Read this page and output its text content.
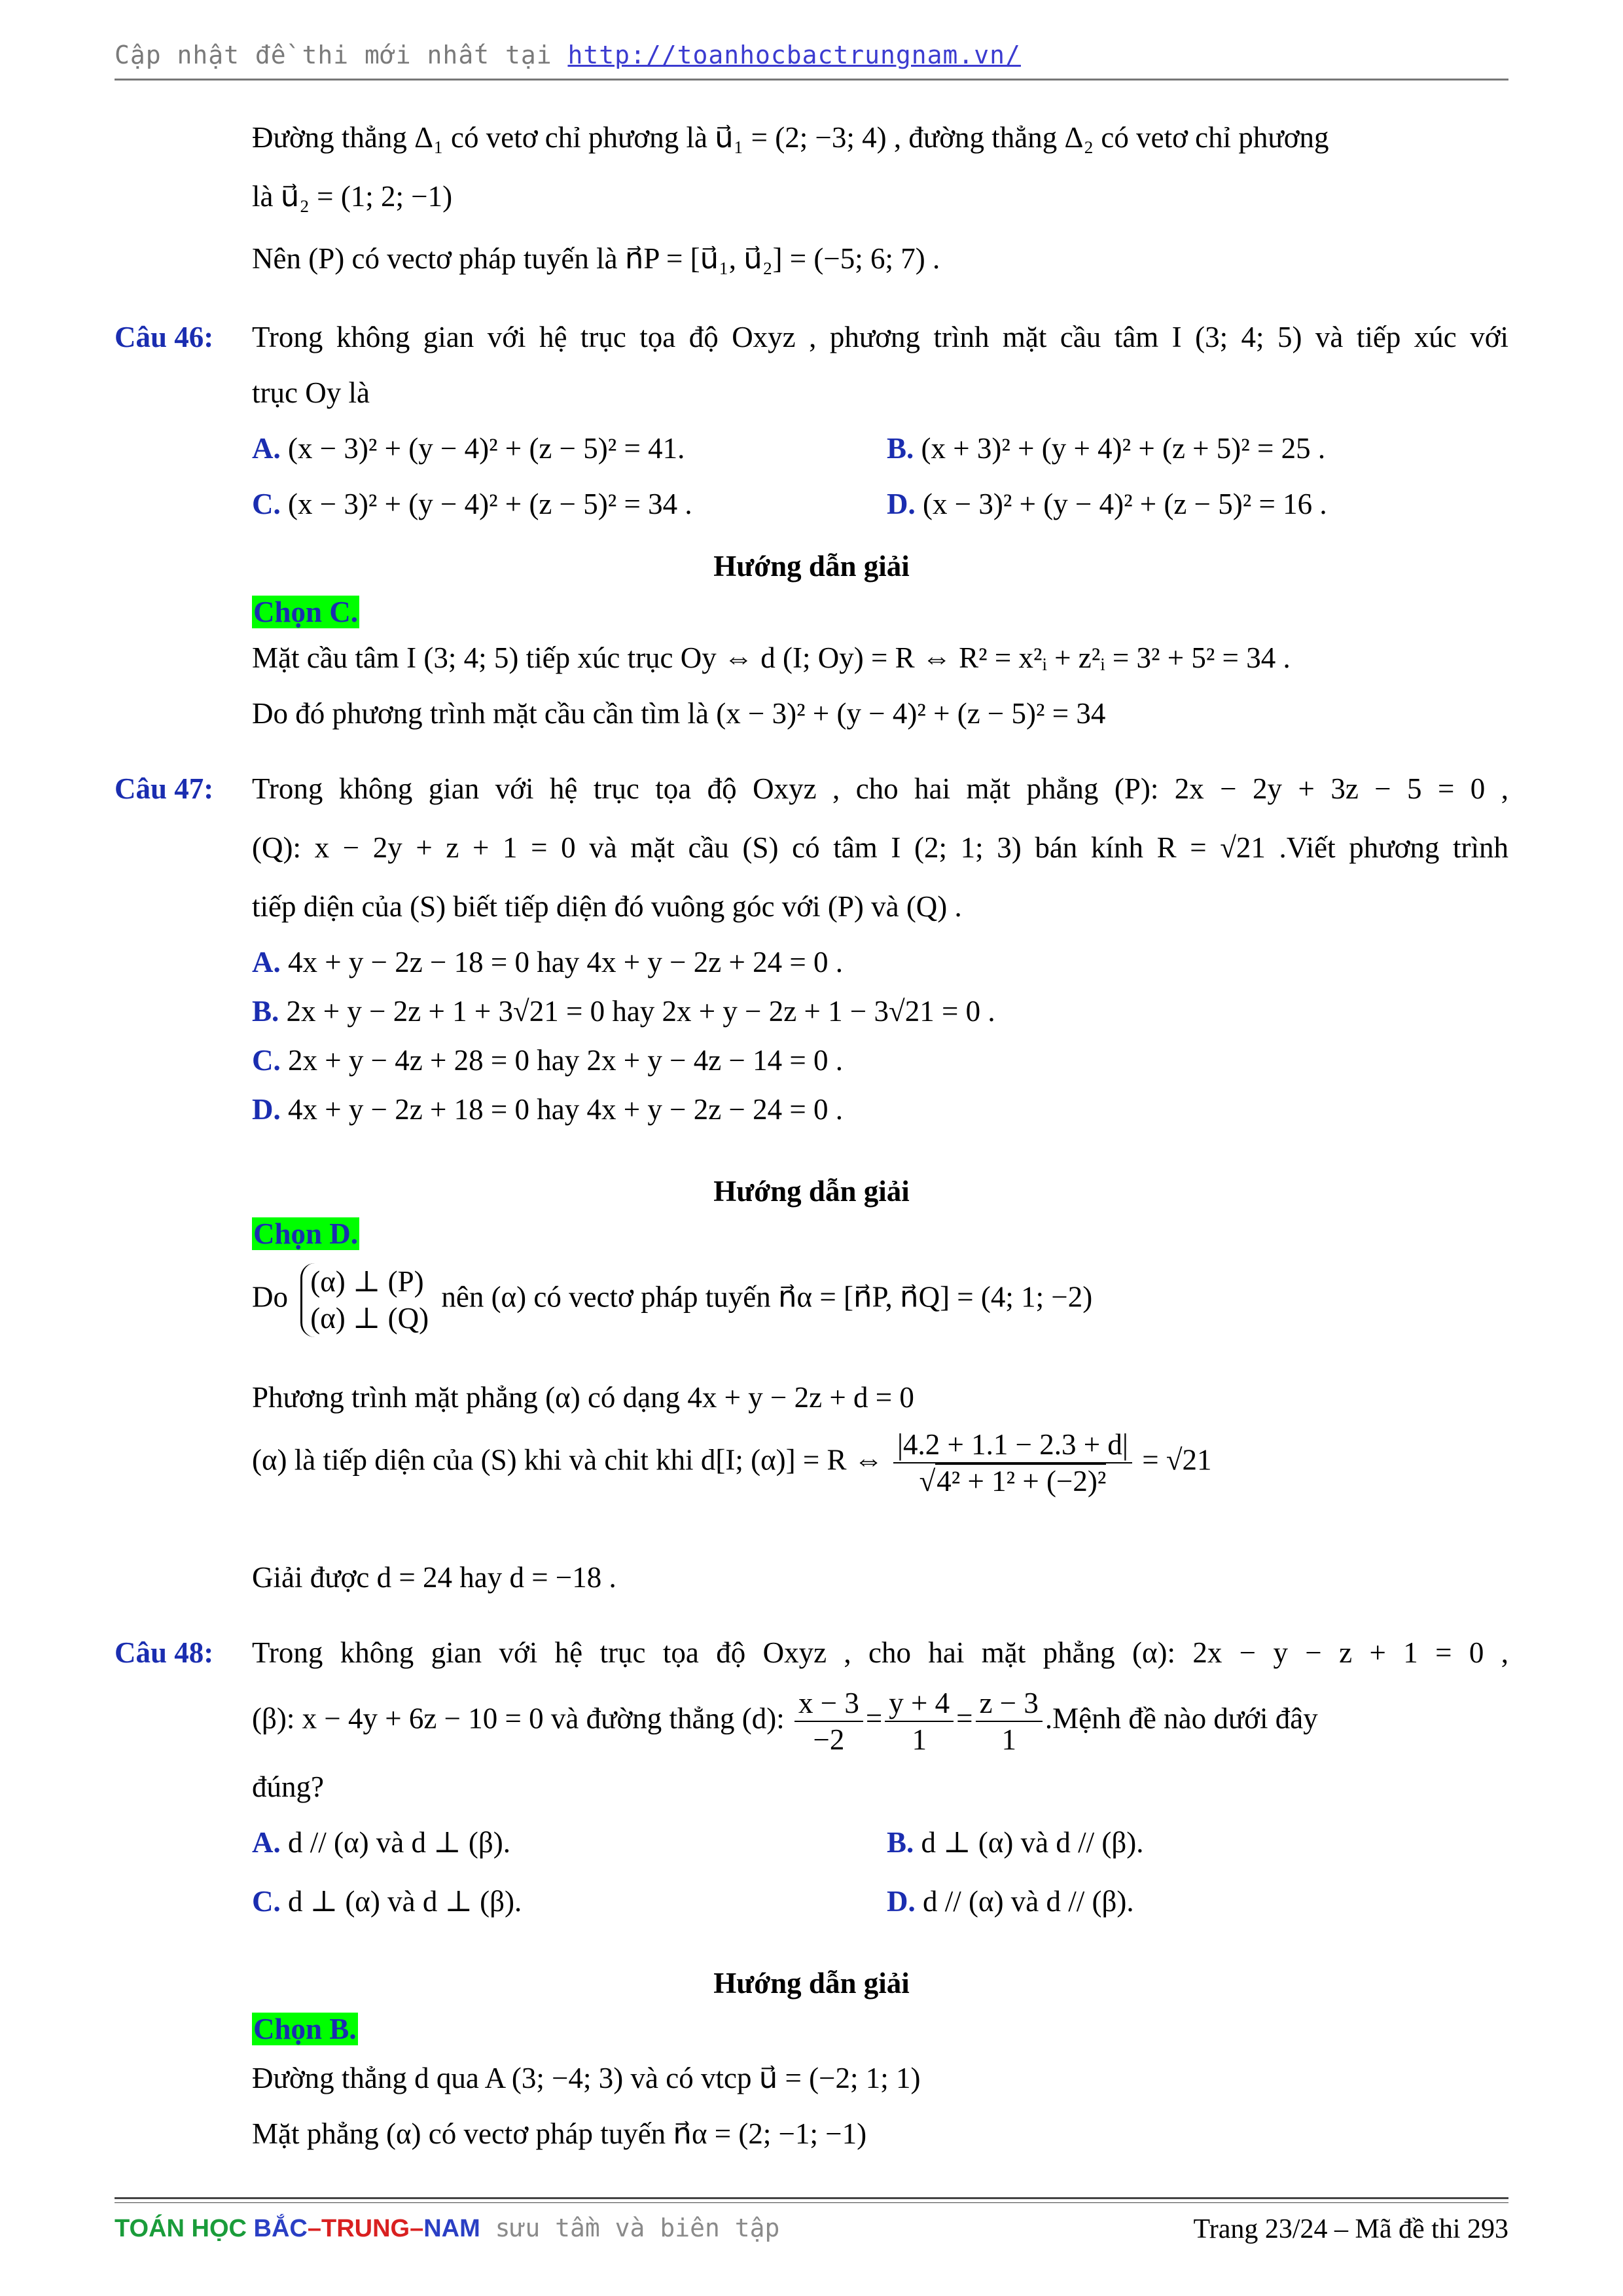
Cập nhật đề thi mới nhất tại http://toanhocbactrungnam.vn/
Đường thẳng Δ₁ có vetơ chỉ phương là u⃗₁ = (2; −3; 4) , đường thẳng Δ₂ có vetơ chỉ phương
là u⃗₂ = (1; 2; −1)
Nên (P) có vectơ pháp tuyến là n⃗P = [u⃗₁, u⃗₂] = (−5; 6; 7) .
Câu 46: Trong không gian với hệ trục tọa độ Oxyz , phương trình mặt cầu tâm I (3; 4; 5) và tiếp xúc với
trục Oy là
A. (x − 3)² + (y − 4)² + (z − 5)² = 41.	B. (x + 3)² + (y + 4)² + (z + 5)² = 25 .
C. (x − 3)² + (y − 4)² + (z − 5)² = 34 .	D. (x − 3)² + (y − 4)² + (z − 5)² = 16 .
Hướng dẫn giải
Chọn C.
Mặt cầu tâm I (3; 4; 5) tiếp xúc trục Oy ⇔ d (I; Oy) = R ⇔ R² = x²ᵢ + z²ᵢ = 3² + 5² = 34 .
Do đó phương trình mặt cầu cần tìm là (x − 3)² + (y − 4)² + (z − 5)² = 34
Câu 47: Trong không gian với hệ trục tọa độ Oxyz , cho hai mặt phẳng (P): 2x − 2y + 3z − 5 = 0 ,
(Q): x − 2y + z + 1 = 0 và mặt cầu (S) có tâm I (2; 1; 3) bán kính R = √21 .Viết phương trình
tiếp diện của (S) biết tiếp diện đó vuông góc với (P) và (Q) .
A. 4x + y − 2z − 18 = 0 hay 4x + y − 2z + 24 = 0 .
B. 2x + y − 2z + 1 + 3√21 = 0 hay 2x + y − 2z + 1 − 3√21 = 0 .
C. 2x + y − 4z + 28 = 0 hay 2x + y − 4z − 14 = 0 .
D. 4x + y − 2z + 18 = 0 hay 4x + y − 2z − 24 = 0 .
Hướng dẫn giải
Chọn D.
Do (α) ⊥ (P)
(α) ⊥ (Q)
nên (α) có vectơ pháp tuyến n⃗α = [n⃗P, n⃗Q] = (4; 1; −2)
Phương trình mặt phẳng (α) có dạng 4x + y − 2z + d = 0
(α) là tiếp diện của (S) khi và chit khi d[I; (α)] = R ⇔ $\frac{|4.2 + 1.1 - 2.3 + d|}{\text{√4² + 1² + (−2)²}} = √21$
Giải được d = 24 hay d = −18 .
Câu 48: Trong không gian với hệ trục tọa độ Oxyz , cho hai mặt phẳng (α): 2x − y − z + 1 = 0 ,
(β): x − 4y + 6z − 10 = 0 và đường thẳng (d): $\frac{x - 3}{-2} = \frac{y + 4}{1} = \frac{z - 3}{1}$ .Mệnh đề nào dưới đây
đúng?
A. d // (α) và d ⊥ (β).	B. d ⊥ (α) và d // (β).
C. d ⊥ (α) và d ⊥ (β).	D. d // (α) và d // (β).
Hướng dẫn giải
Chọn B.
Đường thẳng d qua A (3; −4; 3) và có vtcp u⃗ = (−2; 1; 1)
Mặt phẳng (α) có vectơ pháp tuyến n⃗α = (2; −1; −1)
TOÁN HỌC BẮC–TRUNG–NAM sưu tầm và biên tập	Trang 23/24 – Mã đề thi 293
